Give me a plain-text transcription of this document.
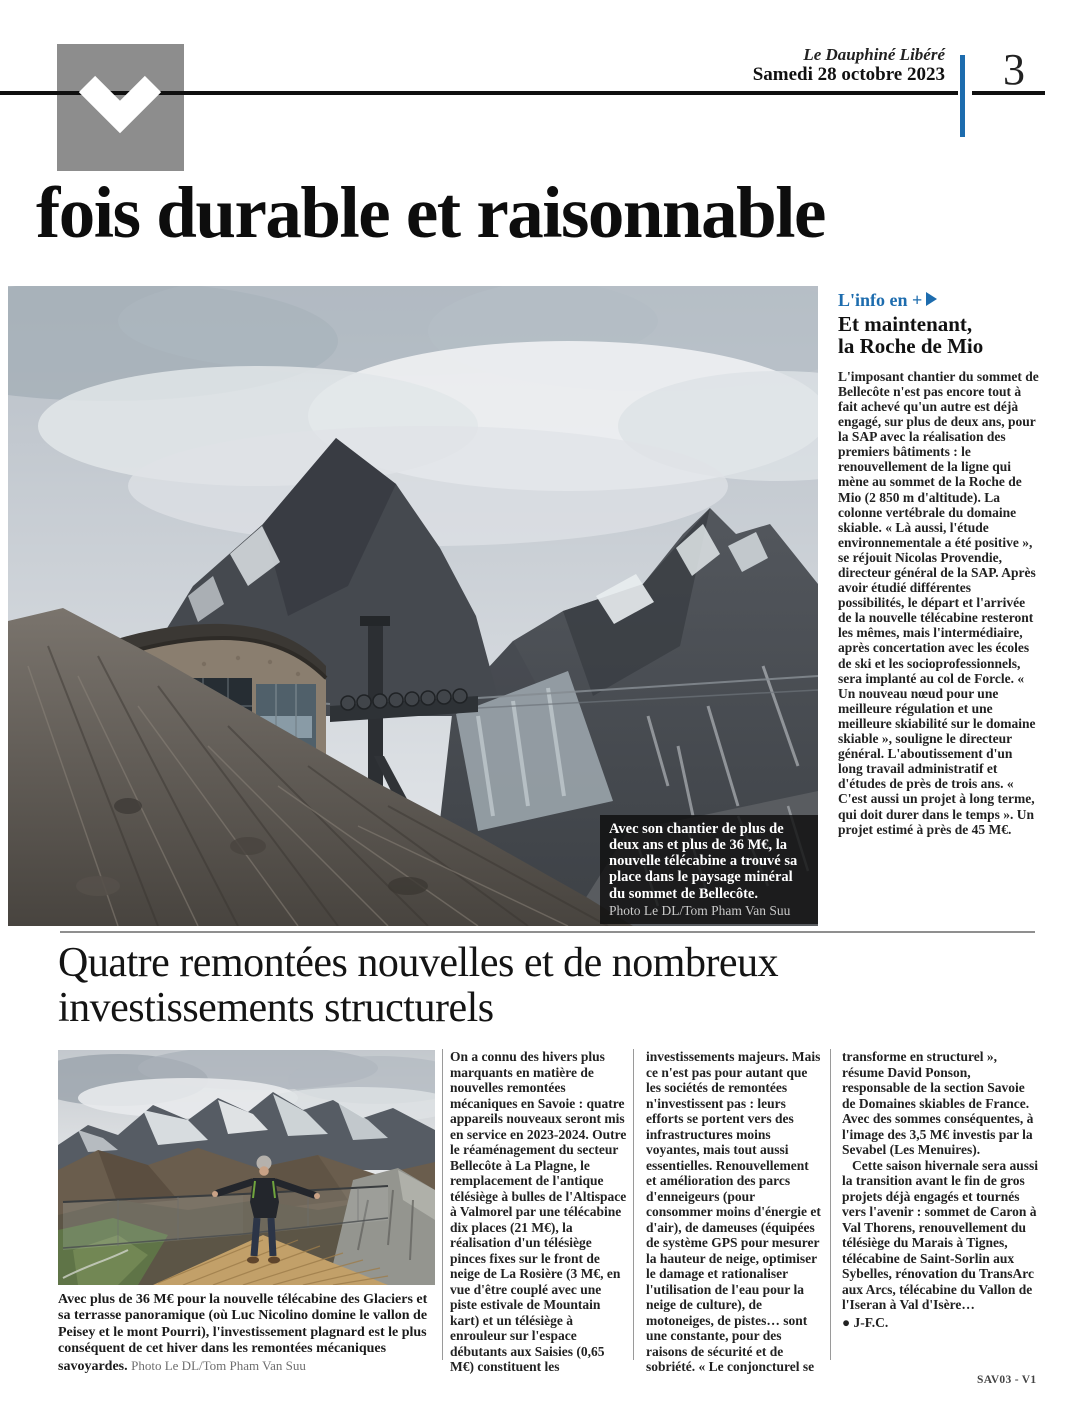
Le Dauphiné Libéré
Samedi 28 octobre 2023	3
fois durable et raisonnable
Avec son chantier de plus de deux ans et plus de 36 M€, la nouvelle télécabine a trouvé sa place dans le paysage minéral du sommet de Bellecôte.
Photo Le DL/Tom Pham Van Suu
L'info en +
Et maintenant,
la Roche de Mio
L'imposant chantier du sommet de Bellecôte n'est pas encore tout à fait achevé qu'un autre est déjà engagé, sur plus de deux ans, pour la SAP avec la réalisation des premiers bâtiments : le renouvellement de la ligne qui mène au sommet de la Roche de Mio (2 850 m d'altitude). La colonne vertébrale du domaine skiable. « Là aussi, l'étude environnementale a été positive », se réjouit Nicolas Provendie, directeur général de la SAP. Après avoir étudié différentes possibilités, le départ et l'arrivée de la nouvelle télécabine resteront les mêmes, mais l'intermédiaire, après concertation avec les écoles de ski et les socioprofessionnels, sera implanté au col de Forcle. « Un nouveau nœud pour une meilleure régulation et une meilleure skiabilité sur le domaine skiable », souligne le directeur général. L'aboutissement d'un long travail administratif et d'études de près de trois ans. « C'est aussi un projet à long terme, qui doit durer dans le temps ». Un projet estimé à près de 45 M€.
Quatre remontées nouvelles et de nombreux investissements structurels

Avec plus de 36 M€ pour la nouvelle télécabine des Glaciers et sa terrasse panoramique (où Luc Nicolino domine le vallon de Peisey et le mont Pourri), l'investissement plagnard est le plus conséquent de cet hiver dans les remontées mécaniques savoyardes. Photo Le DL/Tom Pham Van Suu

On a connu des hivers plus marquants en matière de nouvelles remontées mécaniques en Savoie : quatre appareils nouveaux seront mis en service en 2023-2024. Outre le réaménagement du secteur Bellecôte à La Plagne, le remplacement de l'antique télésiège à bulles de l'Altispace à Valmorel par une télécabine dix places (21 M€), la réalisation d'un télésiège pinces fixes sur le front de neige de La Rosière (3 M€, en vue d'être couplé avec une piste estivale de Mountain kart) et un télésiège à enrouleur sur l'espace débutants aux Saisies (0,65 M€) constituent les

investissements majeurs. Mais ce n'est pas pour autant que les sociétés de remontées n'investissent pas : leurs efforts se portent vers des infrastructures moins voyantes, mais tout aussi essentielles. Renouvellement et amélioration des parcs d'enneigeurs (pour consommer moins d'énergie et d'air), de dameuses (équipées de système GPS pour mesurer la hauteur de neige, optimiser le damage et rationaliser l'utilisation de l'eau pour la neige de culture), de motoneiges, de pistes… sont une constante, pour des raisons de sécurité et de sobriété. « Le conjoncturel se

transforme en structurel », résume David Ponson, responsable de la section Savoie de Domaines skiables de France. Avec des sommes conséquentes, à l'image des 3,5 M€ investis par la Sevabel (Les Menuires).

Cette saison hivernale sera aussi la transition avant le fin de gros projets déjà engagés et tournés vers l'avenir : sommet de Caron à Val Thorens, renouvellement du télésiège du Marais à Tignes, télécabine de Saint-Sorlin aux Sybelles, rénovation du TransArc aux Arcs, télécabine du Vallon de l'Iseran à Val d'Isère…

● J-F.C.
SAV03 - V1
